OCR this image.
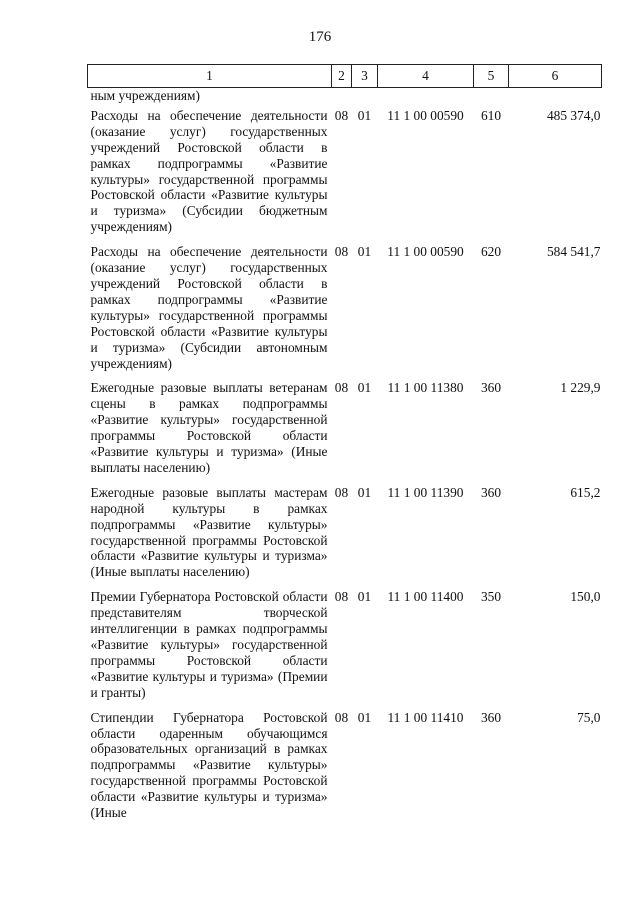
176
1	2	3	4	5	6
ным учреждениям)					
Расходы на обеспечение деятельности (оказание услуг) государственных учреждений Ростовской области в рамках подпрограммы «Развитие культуры» государственной программы Ростовской области «Развитие культуры и туризма» (Субсидии бюджетным учреждениям)	08	01	11 1 00 00590	610	485 374,0
Расходы на обеспечение деятельности (оказание услуг) государственных учреждений Ростовской области в рамках подпрограммы «Развитие культуры» государственной программы Ростовской области «Развитие культуры и туризма» (Субсидии автономным учреждениям)	08	01	11 1 00 00590	620	584 541,7
Ежегодные разовые выплаты ветеранам сцены в рамках подпрограммы «Развитие культуры» государственной программы Ростовской области «Развитие культуры и туризма» (Иные выплаты населению)	08	01	11 1 00 11380	360	1 229,9
Ежегодные разовые выплаты мастерам народной культуры в рамках подпрограммы «Развитие культуры» государственной программы Ростовской области «Развитие культуры и туризма» (Иные выплаты населению)	08	01	11 1 00 11390	360	615,2
Премии Губернатора Ростовской области представителям творческой интеллигенции в рамках подпрограммы «Развитие культуры» государственной программы Ростовской области «Развитие культуры и туризма» (Премии и гранты)	08	01	11 1 00 11400	350	150,0
Стипендии Губернатора Ростовской области одаренным обучающимся образовательных организаций в рамках подпрограммы «Развитие культуры» государственной программы Ростовской области «Развитие культуры и туризма» (Иные	08	01	11 1 00 11410	360	75,0
